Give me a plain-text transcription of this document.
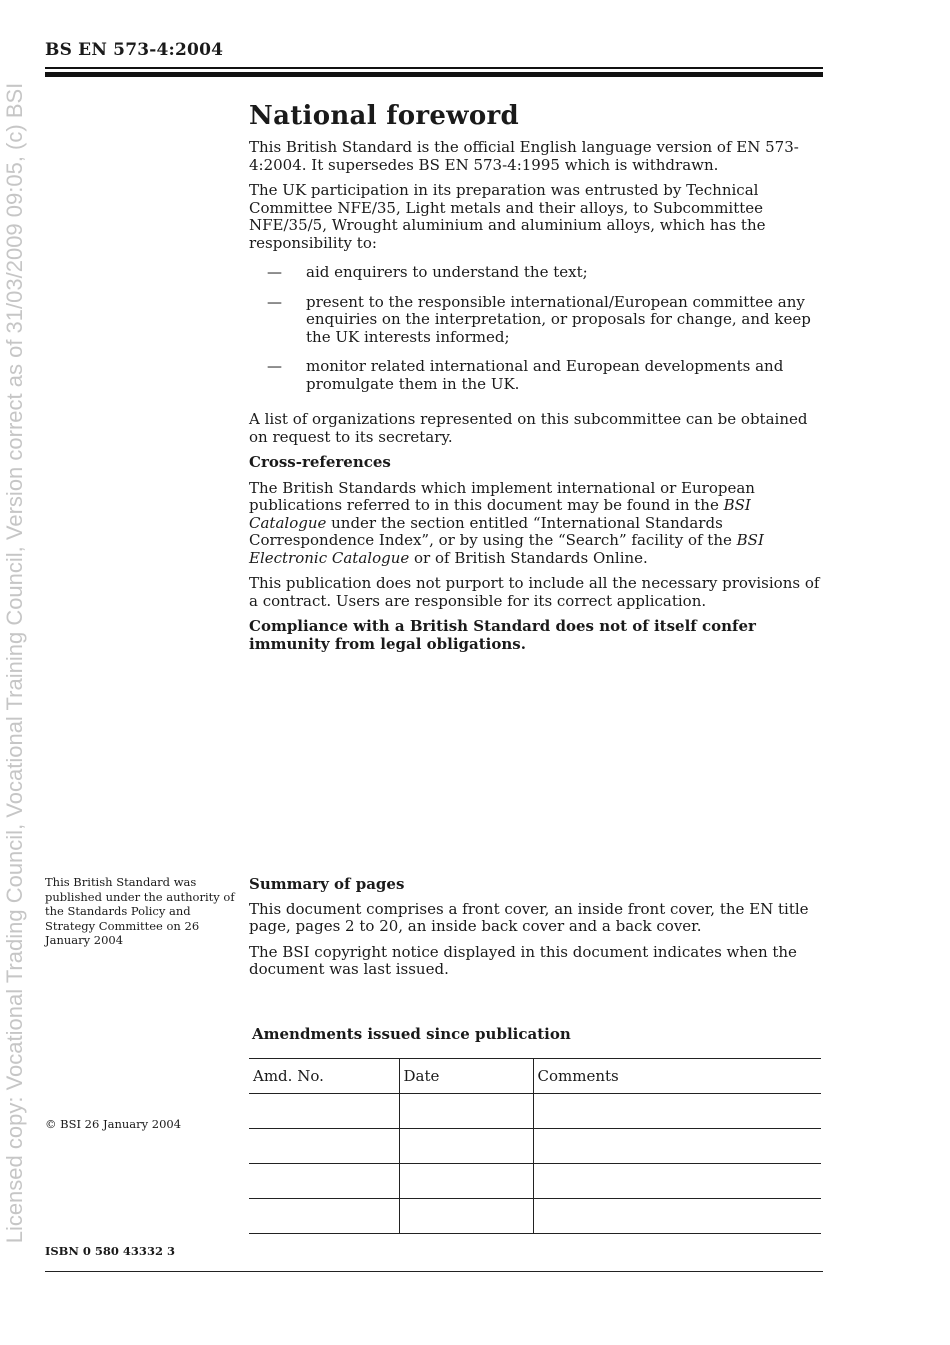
Licensed copy: Vocational Trading Council, Vocational Training Council, Version correct as of 31/03/2009 09:05, (c) BSI
BS EN 573-4:2004
National foreword

This British Standard is the official English language version of EN 573-4:2004. It supersedes BS EN 573-4:1995 which is withdrawn.

The UK participation in its preparation was entrusted by Technical Committee NFE/35, Light metals and their alloys, to Subcommittee NFE/35/5, Wrought aluminium and aluminium alloys, which has the responsibility to:

— aid enquirers to understand the text;
— present to the responsible international/European committee any enquiries on the interpretation, or proposals for change, and keep the UK interests informed;
— monitor related international and European developments and promulgate them in the UK.

A list of organizations represented on this subcommittee can be obtained on request to its secretary.

Cross-references

The British Standards which implement international or European publications referred to in this document may be found in the BSI Catalogue under the section entitled “International Standards Correspondence Index”, or by using the “Search” facility of the BSI Electronic Catalogue or of British Standards Online.

This publication does not purport to include all the necessary provisions of a contract. Users are responsible for its correct application.

Compliance with a British Standard does not of itself confer immunity from legal obligations.

This British Standard was published under the authority of the Standards Policy and Strategy Committee on 26 January 2004
Summary of pages

This document comprises a front cover, an inside front cover, the EN title page, pages 2 to 20, an inside back cover and a back cover.

The BSI copyright notice displayed in this document indicates when the document was last issued.

Amendments issued since publication
Amd. No.	Date	Comments

© BSI 26 January 2004
ISBN 0 580 43332 3
